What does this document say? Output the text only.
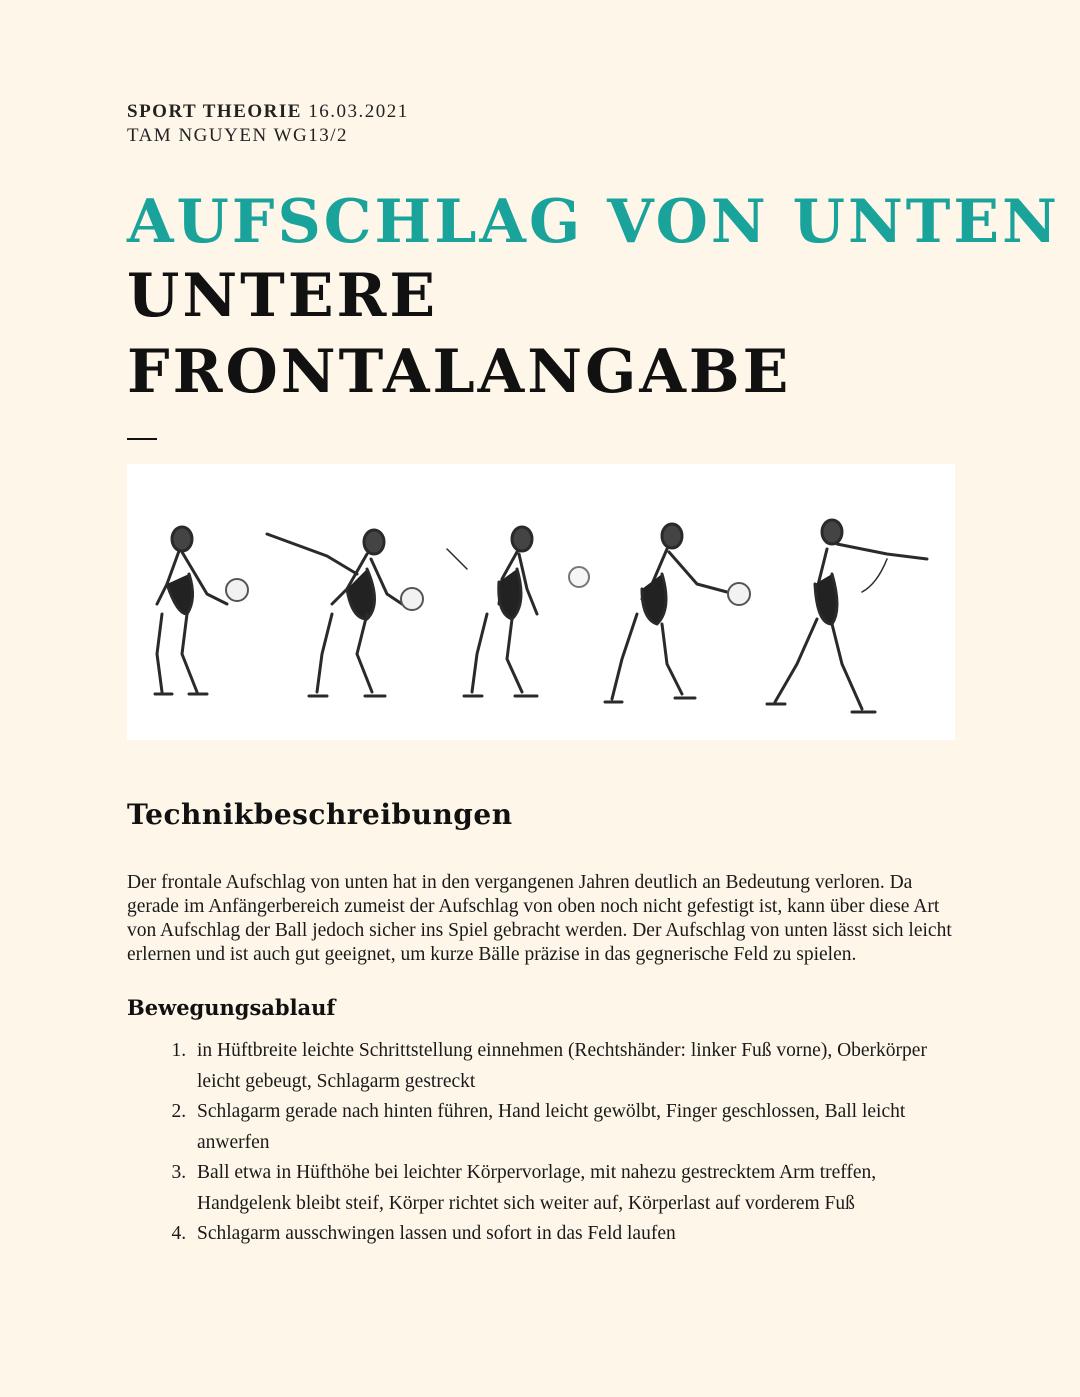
SPORT THEORIE 16.03.2021
TAM NGUYEN WG13/2
AUFSCHLAG VON UNTEN
UNTERE FRONTALANGABE
Technikbeschreibungen
Der frontale Aufschlag von unten hat in den vergangenen Jahren deutlich an Bedeutung verloren. Da gerade im Anfängerbereich zumeist der Aufschlag von oben noch nicht gefestigt ist, kann über diese Art von Aufschlag der Ball jedoch sicher ins Spiel gebracht werden. Der Aufschlag von unten lässt sich leicht erlernen und ist auch gut geeignet, um kurze Bälle präzise in das gegnerische Feld zu spielen.
Bewegungsablauf
1. in Hüftbreite leichte Schrittstellung einnehmen (Rechtshänder: linker Fuß vorne), Oberkörper leicht gebeugt, Schlagarm gestreckt
2. Schlagarm gerade nach hinten führen, Hand leicht gewölbt, Finger geschlossen, Ball leicht anwerfen
3. Ball etwa in Hüfthöhe bei leichter Körpervorlage, mit nahezu gestrecktem Arm treffen, Handgelenk bleibt steif, Körper richtet sich weiter auf, Körperlast auf vorderem Fuß
4. Schlagarm ausschwingen lassen und sofort in das Feld laufen
